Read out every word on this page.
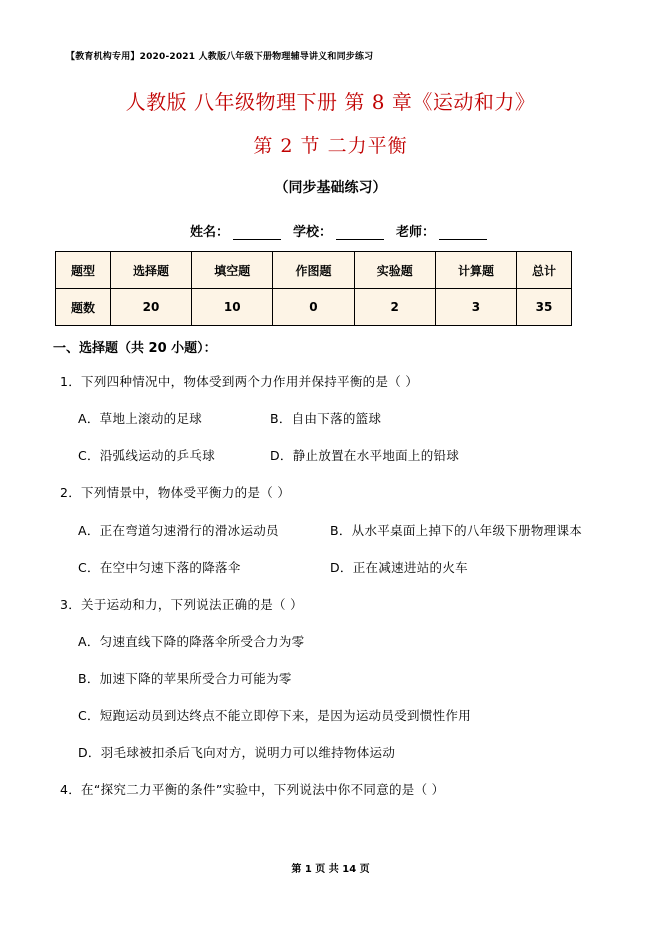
【教育机构专用】2020-2021 人教版八年级下册物理辅导讲义和同步练习
人教版 八年级物理下册 第 8 章《运动和力》
第 2 节 二力平衡
（同步基础练习）
姓名：	学校：	老师：
题型	选择题	填空题	作图题	实验题	计算题	总计
题数	20	10	0	2	3	35
一、选择题（共 20 小题）：
1．下列四种情况中，物体受到两个力作用并保持平衡的是（ ）
A．草地上滚动的足球	B．自由下落的篮球
C．沿弧线运动的乒乓球	D．静止放置在水平地面上的铅球
2．下列情景中，物体受平衡力的是（ ）
A．正在弯道匀速滑行的滑冰运动员	B．从水平桌面上掉下的八年级下册物理课本
C．在空中匀速下落的降落伞	D．正在减速进站的火车
3．关于运动和力，下列说法正确的是（ ）
A．匀速直线下降的降落伞所受合力为零
B．加速下降的苹果所受合力可能为零
C．短跑运动员到达终点不能立即停下来，是因为运动员受到惯性作用
D．羽毛球被扣杀后飞向对方，说明力可以维持物体运动
4．在“探究二力平衡的条件”实验中，下列说法中你不同意的是（ ）
第 1 页 共 14 页
